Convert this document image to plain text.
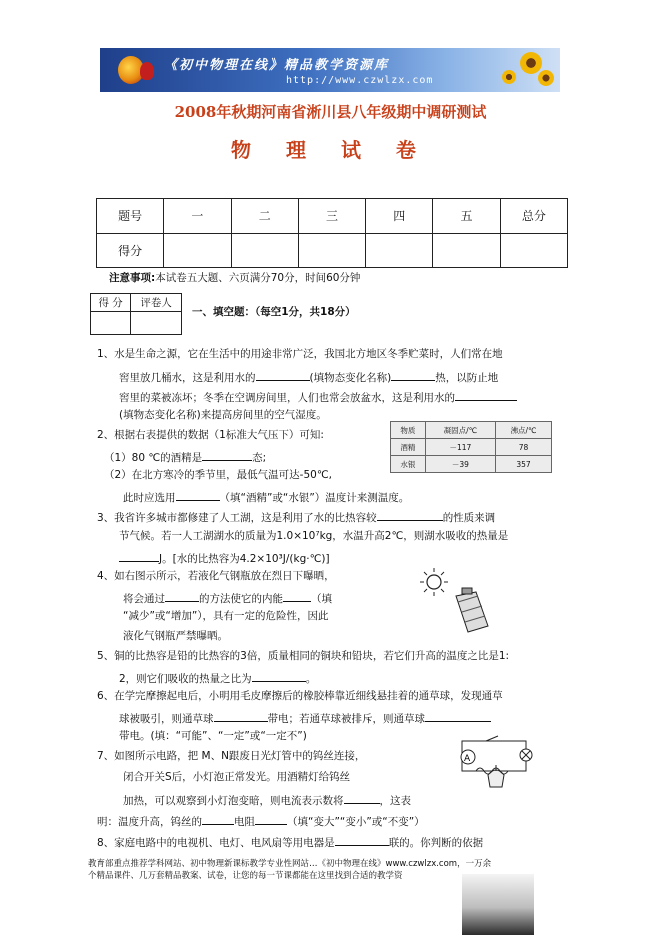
《初中物理在线》精品教学资源库
http://www.czwlzx.com
2008年秋期河南省淅川县八年级期中调研测试
物 理 试 卷
题号	一	二	三	四	五	总分
得分						
注意事项:本试卷五大题、六页满分70分，时间60分钟
得 分	评卷人

一、填空题：（每空1分，共18分）
1、水是生命之源，它在生活中的用途非常广泛，我国北方地区冬季贮菜时，人们常在地
窖里放几桶水，这是利用水的	(填物态变化名称)	热，以防止地
窖里的菜被冻坏；冬季在空调房间里，人们也常会放盆水，这是利用水的
(填物态变化名称)来提高房间里的空气湿度。
2、根据右表提供的数据（1标准大气压下）可知:
（1）80 ℃的酒精是	态;
（2）在北方寒冷的季节里，最低气温可达-50℃,
此时应选用	（填“酒精”或“水银”）温度计来测温度。
物质	凝固点/℃	沸点/℃
酒精	－117	78
水银	－39	357
3、我省许多城市都修建了人工湖，这是利用了水的比热容较	的性质来调
节气候。若一人工湖湖水的质量为1.0×10⁷kg，水温升高2℃，则湖水吸收的热量是
J。[水的比热容为4.2×10³J/(kg·℃)]
4、如右图示所示，若液化气钢瓶放在烈日下曝晒，
将会通过	的方法使它的内能	（填
“减少”或“增加”），具有一定的危险性，因此
液化气钢瓶严禁曝晒。
5、铜的比热容是铅的比热容的3倍，质量相同的铜块和铅块，若它们升高的温度之比是1:
2，则它们吸收的热量之比为	。
6、在学完摩擦起电后，小明用毛皮摩擦后的橡胶棒靠近细线悬挂着的通草球，发现通草
球被吸引，则通草球	带电；若通草球被排斥，则通草球
带电。(填：“可能”、“一定”或“一定不”)
7、如图所示电路，把 M、N跟废日光灯管中的钨丝连接，
闭合开关S后，小灯泡正常发光。用酒精灯给钨丝
加热，可以观察到小灯泡变暗，则电流表示数将	，这表
明：温度升高，钨丝的	电阻	（填“变大”“变小”或“不变”）
A
8、家庭电路中的电视机、电灯、电风扇等用电器是	联的。你判断的依据
教育部重点推荐学科网站、初中物理新课标教学专业性网站…《初中物理在线》www.czwlzx.com，一万余
个精品课件、几万套精品教案、试卷，让您的每一节课都能在这里找到合适的教学资
